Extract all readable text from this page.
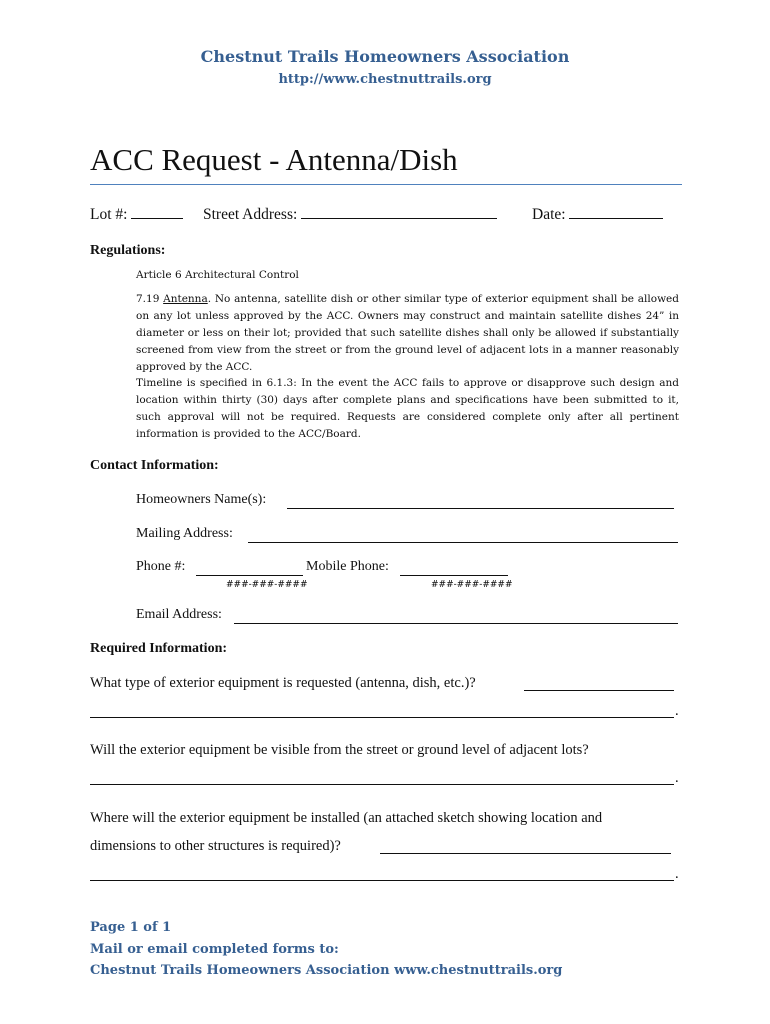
Chestnut Trails Homeowners Association
http://www.chestnuttrails.org
ACC Request - Antenna/Dish
Lot #:	Street Address:	Date:
Regulations:
Article 6 Architectural Control
7.19 Antenna. No antenna, satellite dish or other similar type of exterior equipment shall be allowed on any lot unless approved by the ACC. Owners may construct and maintain satellite dishes 24” in diameter or less on their lot; provided that such satellite dishes shall only be allowed if substantially screened from view from the street or from the ground level of adjacent lots in a manner reasonably approved by the ACC.
Timeline is specified in 6.1.3: In the event the ACC fails to approve or disapprove such design and location within thirty (30) days after complete plans and specifications have been submitted to it, such approval will not be required. Requests are considered complete only after all pertinent information is provided to the ACC/Board.
Contact Information:
Homeowners Name(s):
Mailing Address:
Phone #:	Mobile Phone:
###-###-####	###-###-####
Email Address:
Required Information:
What type of exterior equipment is requested (antenna, dish, etc.)?
.
Will the exterior equipment be visible from the street or ground level of adjacent lots?
.
Where will the exterior equipment be installed (an attached sketch showing location and
dimensions to other structures is required)?
.
Page 1 of 1
Mail or email completed forms to:
Chestnut Trails Homeowners Association www.chestnuttrails.org
